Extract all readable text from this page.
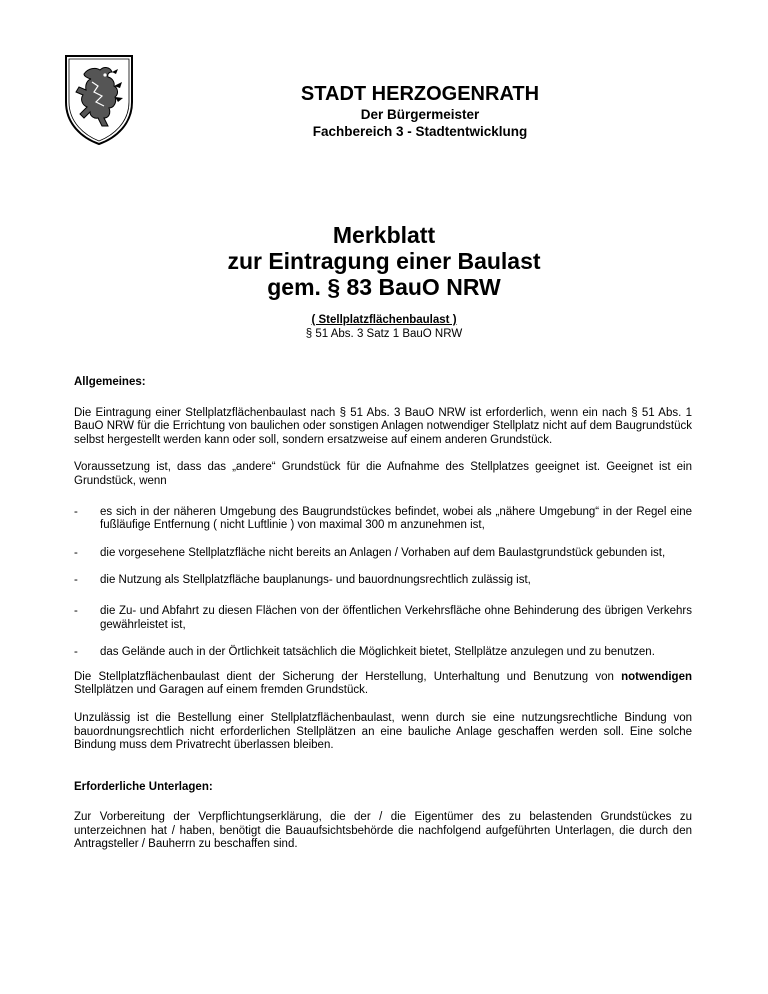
STADT HERZOGENRATH
Der Bürgermeister
Fachbereich 3 - Stadtentwicklung
Merkblatt
zur Eintragung einer Baulast
gem. § 83 BauO NRW
( Stellplatzflächenbaulast )
§ 51 Abs. 3 Satz 1 BauO NRW
Allgemeines:

Die Eintragung einer Stellplatzflächenbaulast nach § 51 Abs. 3 BauO NRW ist erforderlich, wenn ein nach § 51 Abs. 1 BauO NRW für die Errichtung von baulichen oder sonstigen Anlagen notwendiger Stellplatz nicht auf dem Baugrundstück selbst hergestellt werden kann oder soll, sondern ersatzweise auf einem anderen Grundstück.

Voraussetzung ist, dass das „andere“ Grundstück für die Aufnahme des Stellplatzes geeignet ist. Geeignet ist ein Grundstück, wenn

-	es sich in der näheren Umgebung des Baugrundstückes befindet, wobei als „nähere Umgebung“ in der Regel eine fußläufige Entfernung ( nicht Luftlinie ) von maximal 300 m anzunehmen ist,
-	die vorgesehene Stellplatzfläche nicht bereits an Anlagen / Vorhaben auf dem Baulastgrundstück gebunden ist,
-	die Nutzung als Stellplatzfläche bauplanungs- und bauordnungsrechtlich zulässig ist,
-	die Zu- und Abfahrt zu diesen Flächen von der öffentlichen Verkehrsfläche ohne Behinderung des übrigen Verkehrs gewährleistet ist,
-	das Gelände auch in der Örtlichkeit tatsächlich die Möglichkeit bietet, Stellplätze anzulegen und zu benutzen.

Die Stellplatzflächenbaulast dient der Sicherung der Herstellung, Unterhaltung und Benutzung von notwendigen Stellplätzen und Garagen auf einem fremden Grundstück.

Unzulässig ist die Bestellung einer Stellplatzflächenbaulast, wenn durch sie eine nutzungsrechtliche Bindung von bauordnungsrechtlich nicht erforderlichen Stellplätzen an eine bauliche Anlage geschaffen werden soll. Eine solche Bindung muss dem Privatrecht überlassen bleiben.

Erforderliche Unterlagen:

Zur Vorbereitung der Verpflichtungserklärung, die der / die Eigentümer des zu belastenden Grundstückes zu unterzeichnen hat / haben, benötigt die Bauaufsichtsbehörde die nachfolgend aufgeführten Unterlagen, die durch den Antragsteller / Bauherrn zu beschaffen sind.
